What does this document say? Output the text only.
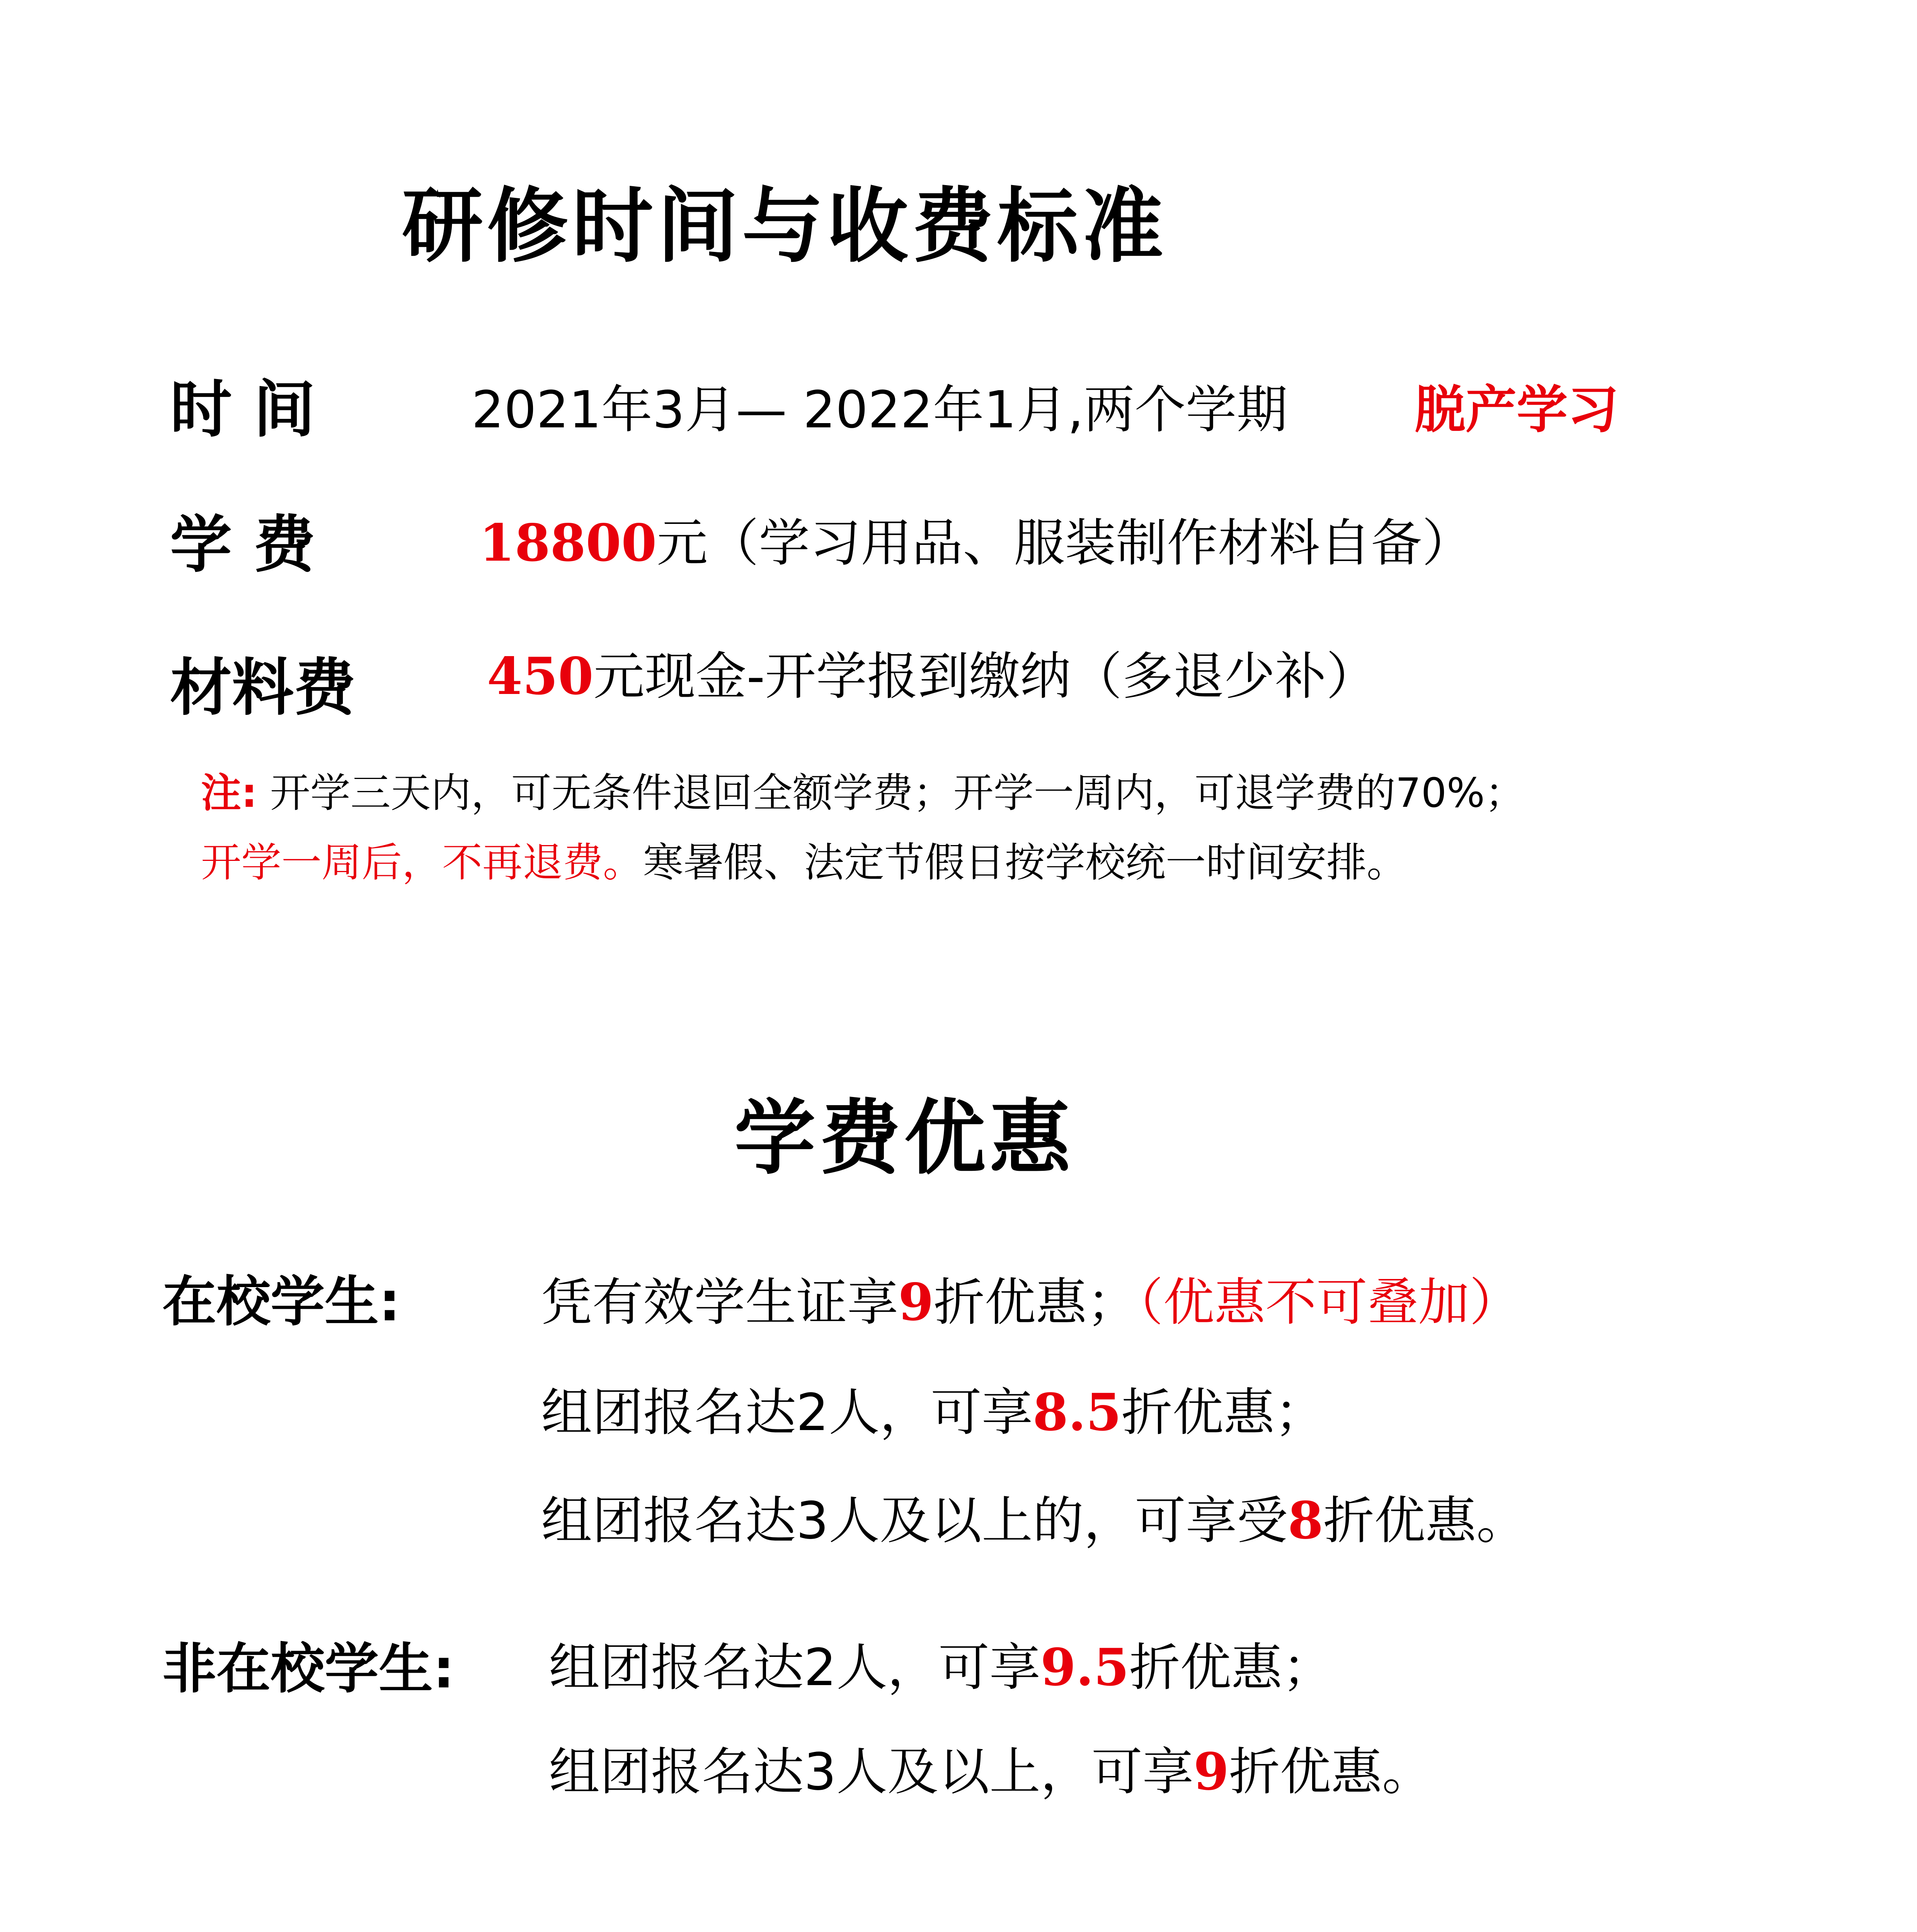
研修时间与收费标准
时 间	2021年3月— 2022年1月,两个学期 脱产学习
学 费	18800元（学习用品、服装制作材料自备）
材料费	450元现金-开学报到缴纳（多退少补）
注: 开学三天内，可无条件退回全额学费；开学一周内，可退学费的70%；
开学一周后，不再退费。寒暑假、法定节假日按学校统一时间安排。
学费优惠
在校学生:	凭有效学生证享9折优惠；（优惠不可叠加）
组团报名达2人，可享8.5折优惠；
组团报名达3人及以上的，可享受8折优惠。
非在校学生: 组团报名达2人，可享9.5折优惠；
组团报名达3人及以上，可享9折优惠。
